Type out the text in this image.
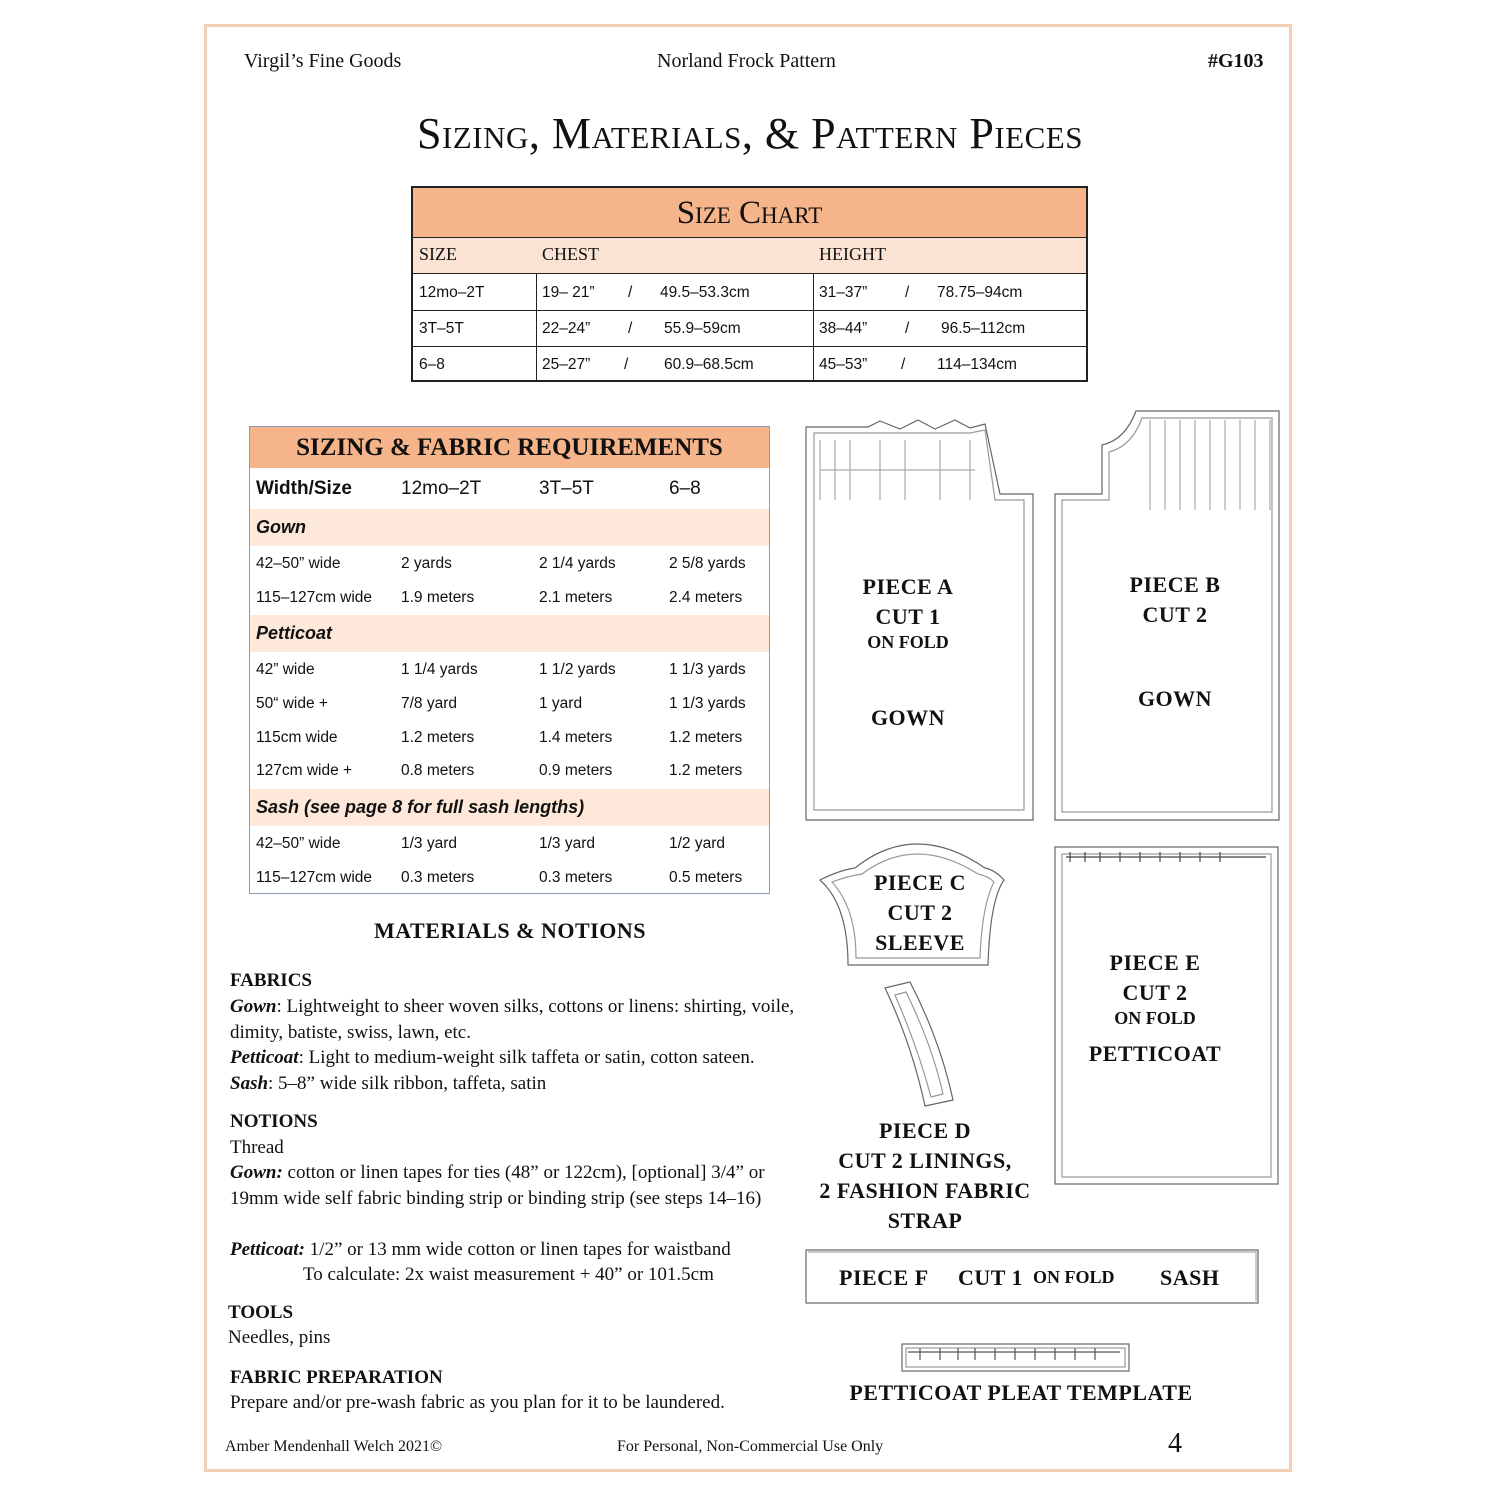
Virgil’s Fine Goods	Norland Frock Pattern	#G103
Sizing, Materials, & Pattern Pieces
Size Chart
SIZE	CHEST	HEIGHT
12mo–2T	19– 21” / 49.5–53.3cm	31–37” / 78.75–94cm
3T–5T	22–24” / 55.9–59cm	38–44” / 96.5–112cm
6–8	25–27” / 60.9–68.5cm	45–53” / 114–134cm
SIZING & FABRIC REQUIREMENTS
Width/Size	12mo–2T	3T–5T	6–8
Gown
42–50” wide	2 yards	2 1/4 yards	2 5/8 yards
115–127cm wide 1.9 meters	2.1 meters	2.4 meters
Petticoat
42” wide	1 1/4 yards	1 1/2 yards	1 1/3 yards
50“ wide +	7/8 yard	1 yard	1 1/3 yards
115cm wide	1.2 meters	1.4 meters	1.2 meters
127cm wide +	0.8 meters	0.9 meters	1.2 meters
Sash (see page 8 for full sash lengths)
42–50” wide	1/3 yard	1/3 yard	1/2 yard
115–127cm wide 0.3 meters	0.3 meters	0.5 meters
MATERIALS & NOTIONS
FABRICS
Gown: Lightweight to sheer woven silks, cottons or linens: shirting, voile, dimity, batiste, swiss, lawn, etc.
Petticoat: Light to medium-weight silk taffeta or satin, cotton sateen.
Sash: 5–8” wide silk ribbon, taffeta, satin
NOTIONS
Thread
Gown: cotton or linen tapes for ties (48” or 122cm), [optional] 3/4” or 19mm wide self fabric binding strip or binding strip (see steps 14–16)
Petticoat: 1/2” or 13 mm wide cotton or linen tapes for waistband
To calculate: 2x waist measurement + 40” or 101.5cm
TOOLS
Needles, pins
FABRIC PREPARATION
Prepare and/or pre-wash fabric as you plan for it to be laundered.
PIECE A
CUT 1
ON FOLD
GOWN
PIECE B
CUT 2
GOWN
PIECE C
CUT 2
SLEEVE
PIECE D
CUT 2 LININGS,
2 FASHION FABRIC
STRAP
PIECE E
CUT 2
ON FOLD
PETTICOAT
PIECE F CUT 1 ON FOLD SASH
PETTICOAT PLEAT TEMPLATE
Amber Mendenhall Welch 2021©	For Personal, Non-Commercial Use Only	4
